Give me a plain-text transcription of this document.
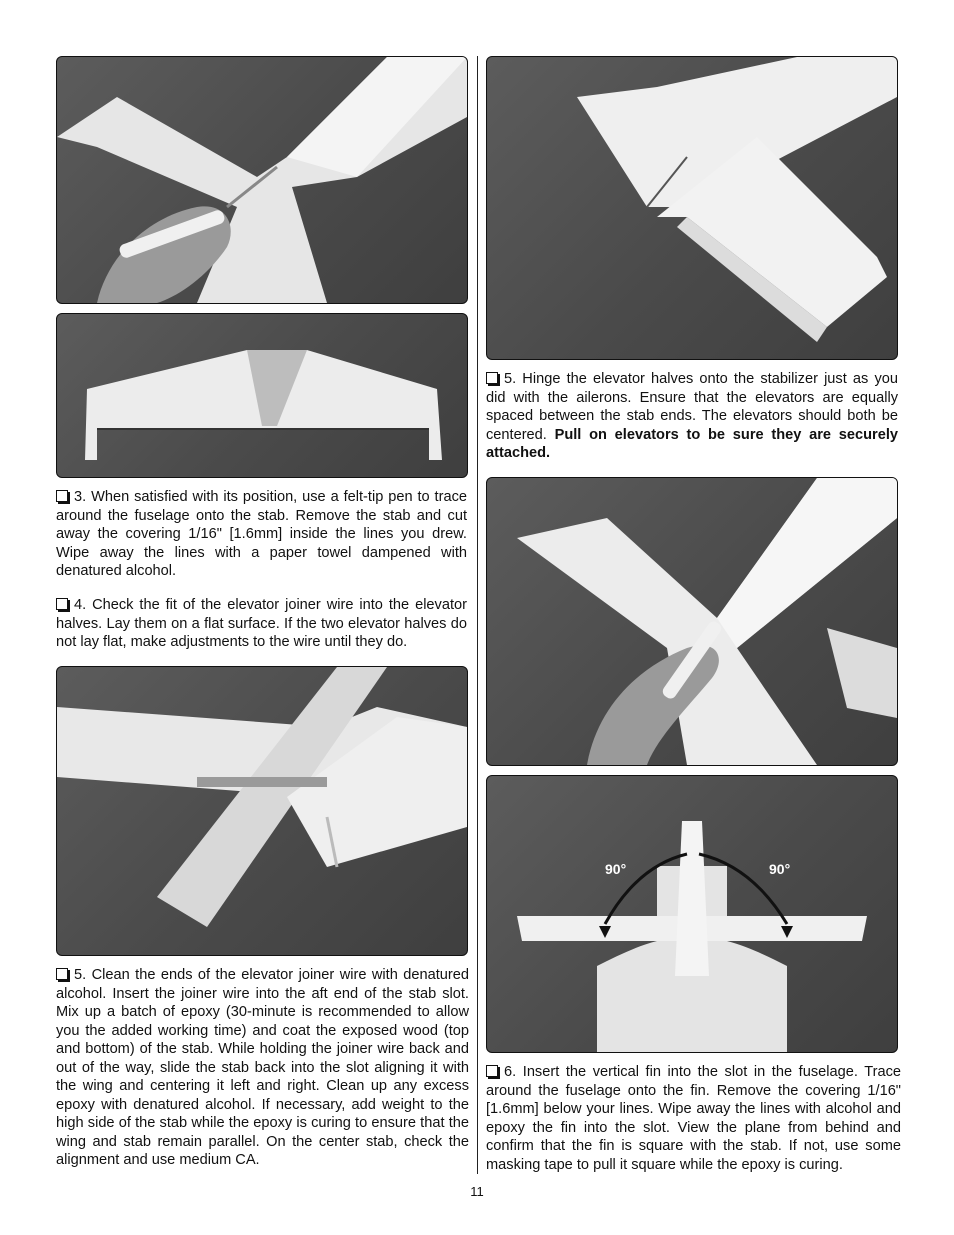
3. When satisfied with its position, use a felt-tip pen to trace around the fuselage onto the stab. Remove the stab and cut away the covering 1/16" [1.6mm] inside the lines you drew. Wipe away the lines with a paper towel dampened with denatured alcohol.
4. Check the fit of the elevator joiner wire into the elevator halves. Lay them on a flat surface. If the two elevator halves do not lay flat, make adjustments to the wire until they do.
5. Clean the ends of the elevator joiner wire with denatured alcohol. Insert the joiner wire into the aft end of the stab slot. Mix up a batch of epoxy (30-minute is recommended to allow you the added working time) and coat the exposed wood (top and bottom) of the stab. While holding the joiner wire back and out of the way, slide the stab back into the slot aligning it with the wing and centering it left and right. Clean up any excess epoxy with denatured alcohol. If necessary, add weight to the high side of the stab while the epoxy is curing to ensure that the wing and stab remain parallel. On the center stab, check the alignment and use medium CA.
5. Hinge the elevator halves onto the stabilizer just as you did with the ailerons. Ensure that the elevators are equally spaced between the stab ends. The elevators should both be centered. Pull on elevators to be sure they are securely attached.
90°	90°
6. Insert the vertical fin into the slot in the fuselage. Trace around the fuselage onto the fin. Remove the covering 1/16" [1.6mm] below your lines. Wipe away the lines with alcohol and epoxy the fin into the slot. View the plane from behind and confirm that the fin is square with the stab. If not, use some masking tape to pull it square while the epoxy is curing.
11
